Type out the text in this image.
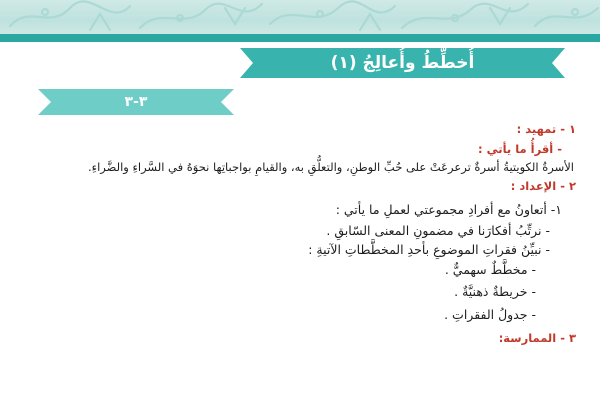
أُخطِّطُ وأُعالِجُ (١)
٣-٣
١ - تمهيد :
- أقرأُ ما يأتي :
الأسرةُ الكويتيةُ أسرةٌ ترعرعَتْ على حُبِّ الوطنِ، والتعلُّقِ به، والقيامِ بواجباتِها نحوَهُ في السَّراءِ والضَّراءِ.
٢ - الإعداد :
١- أتعاونُ مع أفرادِ مجموعتي لعملِ ما يأتي :
- نرتِّبُ أفكارَنا في مضمونِ المعنى السّابقِ .
- نبيِّنُ فقراتِ الموضوعِ بأحدِ المخطَّطاتِ الآتيةِ :
- مخطَّطٌ سهميٌّ .
- خريطةٌ ذهنيَّةٌ .
- جدولُ الفقراتِ .
٣ - الممارسة:
